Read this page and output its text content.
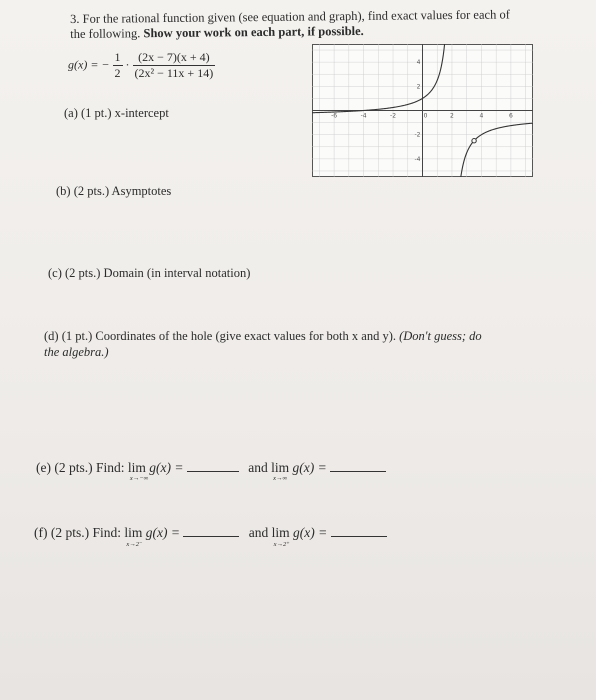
3. For the rational function given (see equation and graph), find exact values for each of
the following. Show your work on each part, if possible.
g(x) = − $\frac{1}{2} \cdot \frac{(2x - 7)(x + 4)}{\text{(2x² − 11x + 14)}}$
(a) (1 pt.) x-intercept
(b) (2 pts.) Asymptotes
(c) (2 pts.) Domain (in interval notation)
(d) (1 pt.) Coordinates of the hole (give exact values for both x and y). (Don't guess; do
the algebra.)
(e) (2 pts.) Find: lim
x→−∞
g(x) =	and lim
x→∞
g(x) =
(f) (2 pts.) Find: lim
x→2⁻
g(x) =	and lim
x→2⁺
g(x) =
-6	-4	-2	0	2	4	6
4
2
-2
-4
